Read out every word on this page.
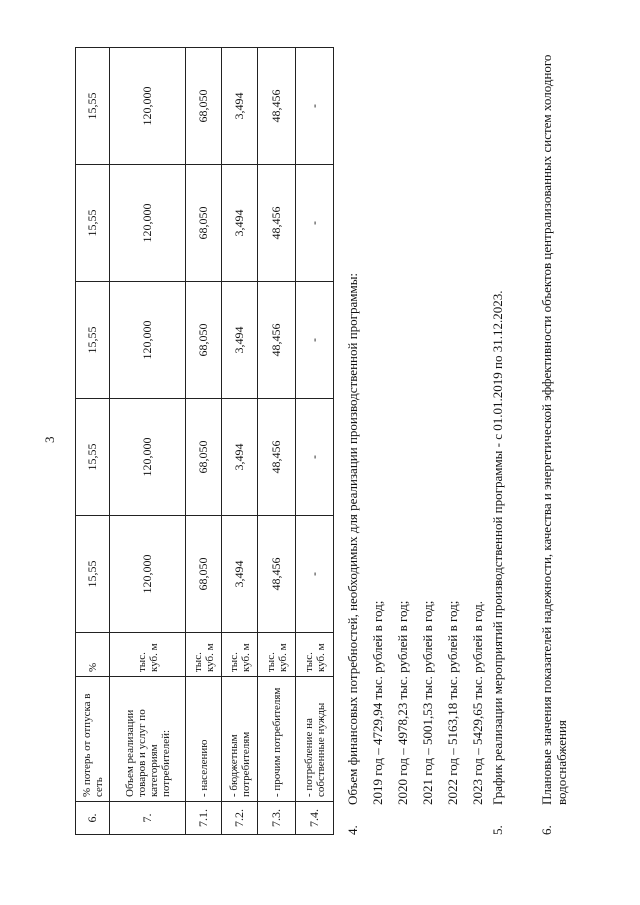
3
6.	% потерь от отпуска в сеть	%	15,55	15,55	15,55	15,55	15,55
7.	Объем реализации товаров и услуг по категориям потребителей:	тыс. куб. м	120,000	120,000	120,000	120,000	120,000
7.1.	- населению	тыс. куб. м	68,050	68,050	68,050	68,050	68,050
7.2.	- бюджетным потребителям	тыс. куб. м	3,494	3,494	3,494	3,494	3,494
7.3.	- прочим потребителям	тыс. куб. м	48,456	48,456	48,456	48,456	48,456
7.4.	- потребление на собственные нужды	тыс. куб. м	-	-	-	-	-
4.
Объем финансовых потребностей, необходимых для реализации производственной программы: 2019 год – 4729,94 тыс. рублей в год; 2020 год – 4978,23 тыс. рублей в год; 2021 год – 5001,53 тыс. рублей в год; 2022 год – 5163,18 тыс. рублей в год; 2023 год – 5429,65 тыс. рублей в год.
5.
График реализации мероприятий производственной программы - с 01.01.2019 по 31.12.2023.
6.
Плановые значения показателей надежности, качества и энергетической эффективности объектов централизованных систем холодного водоснабжения
